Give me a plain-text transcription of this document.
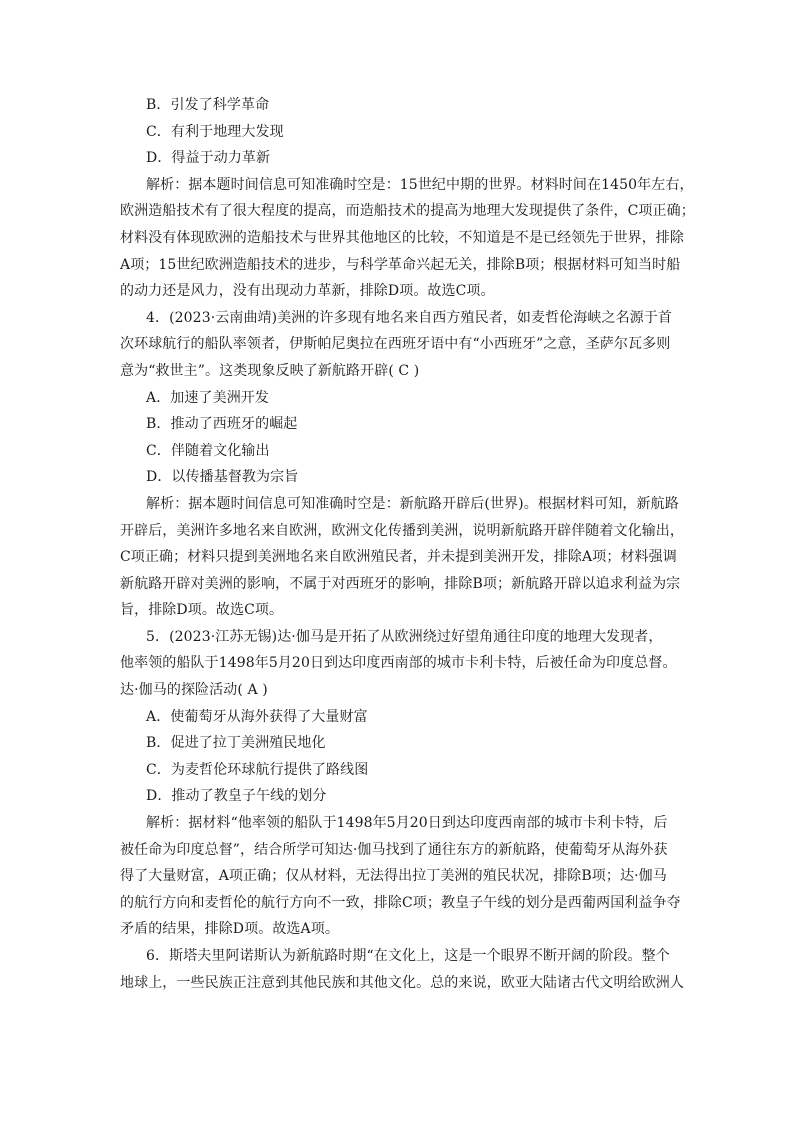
B．引发了科学革命
C．有利于地理大发现
D．得益于动力革新
解析：据本题时间信息可知准确时空是：15世纪中期的世界。材料时间在1450年左右，
欧洲造船技术有了很大程度的提高，而造船技术的提高为地理大发现提供了条件，C项正确；
材料没有体现欧洲的造船技术与世界其他地区的比较，不知道是不是已经领先于世界，排除
A项；15世纪欧洲造船技术的进步，与科学革命兴起无关，排除B项；根据材料可知当时船
的动力还是风力，没有出现动力革新，排除D项。故选C项。
4．(2023·云南曲靖)美洲的许多现有地名来自西方殖民者，如麦哲伦海峡之名源于首
次环球航行的船队率领者，伊斯帕尼奥拉在西班牙语中有“小西班牙”之意，圣萨尔瓦多则
意为“救世主”。这类现象反映了新航路开辟( C )
A．加速了美洲开发
B．推动了西班牙的崛起
C．伴随着文化输出
D．以传播基督教为宗旨
解析：据本题时间信息可知准确时空是：新航路开辟后(世界)。根据材料可知，新航路
开辟后，美洲许多地名来自欧洲，欧洲文化传播到美洲，说明新航路开辟伴随着文化输出，
C项正确；材料只提到美洲地名来自欧洲殖民者，并未提到美洲开发，排除A项；材料强调
新航路开辟对美洲的影响，不属于对西班牙的影响，排除B项；新航路开辟以追求利益为宗
旨，排除D项。故选C项。
5．(2023·江苏无锡)达·伽马是开拓了从欧洲绕过好望角通往印度的地理大发现者，
他率领的船队于1498年5月20日到达印度西南部的城市卡利卡特，后被任命为印度总督。
达·伽马的探险活动( A )
A．使葡萄牙从海外获得了大量财富
B．促进了拉丁美洲殖民地化
C．为麦哲伦环球航行提供了路线图
D．推动了教皇子午线的划分
解析：据材料“他率领的船队于1498年5月20日到达印度西南部的城市卡利卡特，后
被任命为印度总督”，结合所学可知达·伽马找到了通往东方的新航路，使葡萄牙从海外获
得了大量财富，A项正确；仅从材料，无法得出拉丁美洲的殖民状况，排除B项；达·伽马
的航行方向和麦哲伦的航行方向不一致，排除C项；教皇子午线的划分是西葡两国利益争夺
矛盾的结果，排除D项。故选A项。
6．斯塔夫里阿诺斯认为新航路时期“在文化上，这是一个眼界不断开阔的阶段。整个
地球上，一些民族正注意到其他民族和其他文化。总的来说，欧亚大陆诸古代文明给欧洲人
